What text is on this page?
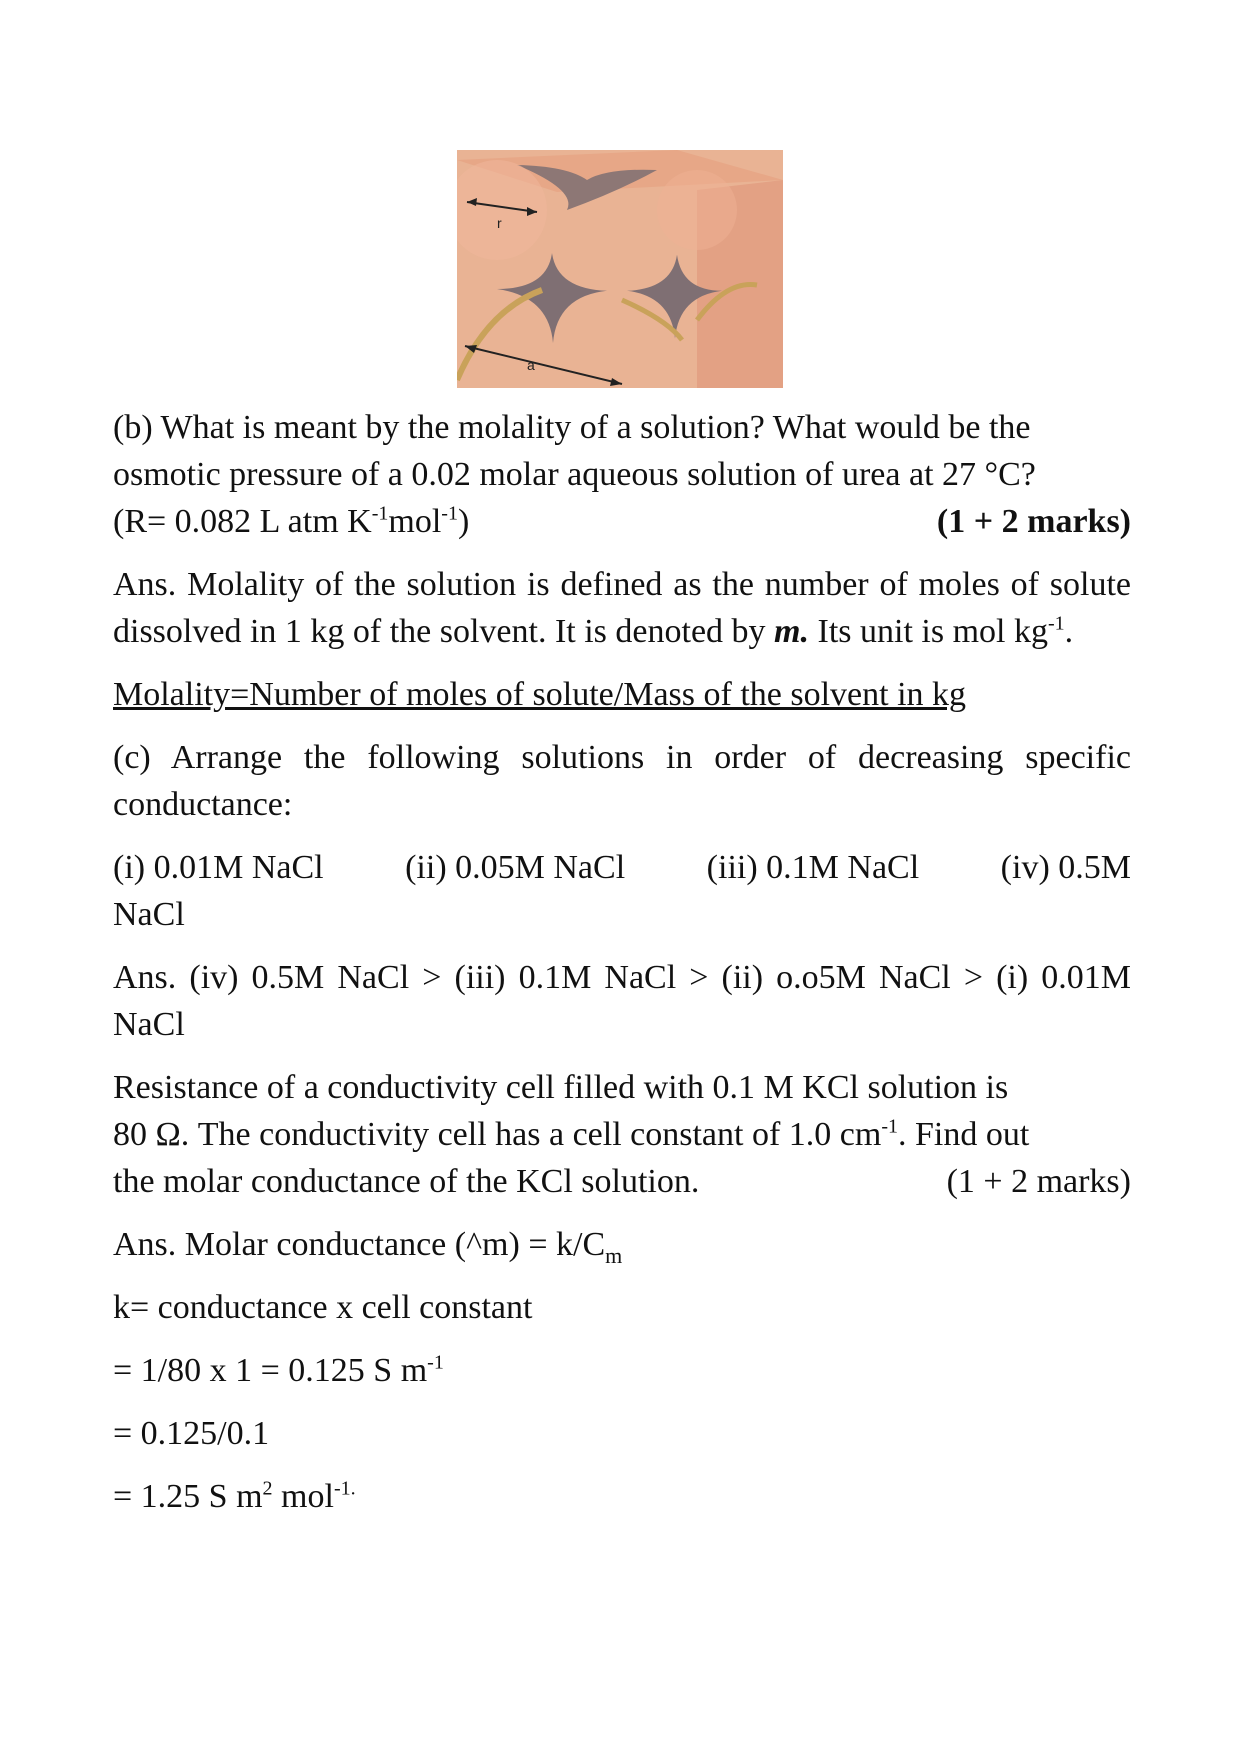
r
a
(b) What is meant by the molality of a solution? What would be the
osmotic pressure of a 0.02 molar aqueous solution of urea at 27 °C?
(R= 0.082 L atm $K^{-1}mol^{-1}$)	(1 + 2 marks)
Ans. Molality of the solution is defined as the number of moles of solute dissolved in 1 kg of the solvent. It is denoted by m. Its unit is mol $kg^{-1}$.
Molality=Number of moles of solute/Mass of the solvent in kg
(c) Arrange the following solutions in order of decreasing specific conductance:
(i) 0.01M NaCl (ii) 0.05M NaCl (iii) 0.1M NaCl (iv) 0.5M
NaCl
Ans. (iv) 0.5M NaCl > (iii) 0.1M NaCl > (ii) o.o5M NaCl > (i) 0.01M NaCl
Resistance of a conductivity cell filled with 0.1 M KCl solution is
80 Ω. The conductivity cell has a cell constant of 1.0 $cm^{-1}$. Find out
the molar conductance of the KCl solution.	(1 + 2 marks)
Ans. Molar conductance (^m) = $k/C_m$
k= conductance x cell constant
= 1/80 x 1 = 0.125 S $m^{-1}$
= 0.125/0.1
= 1.25 S $m^2$ mol$^{-1.}$
